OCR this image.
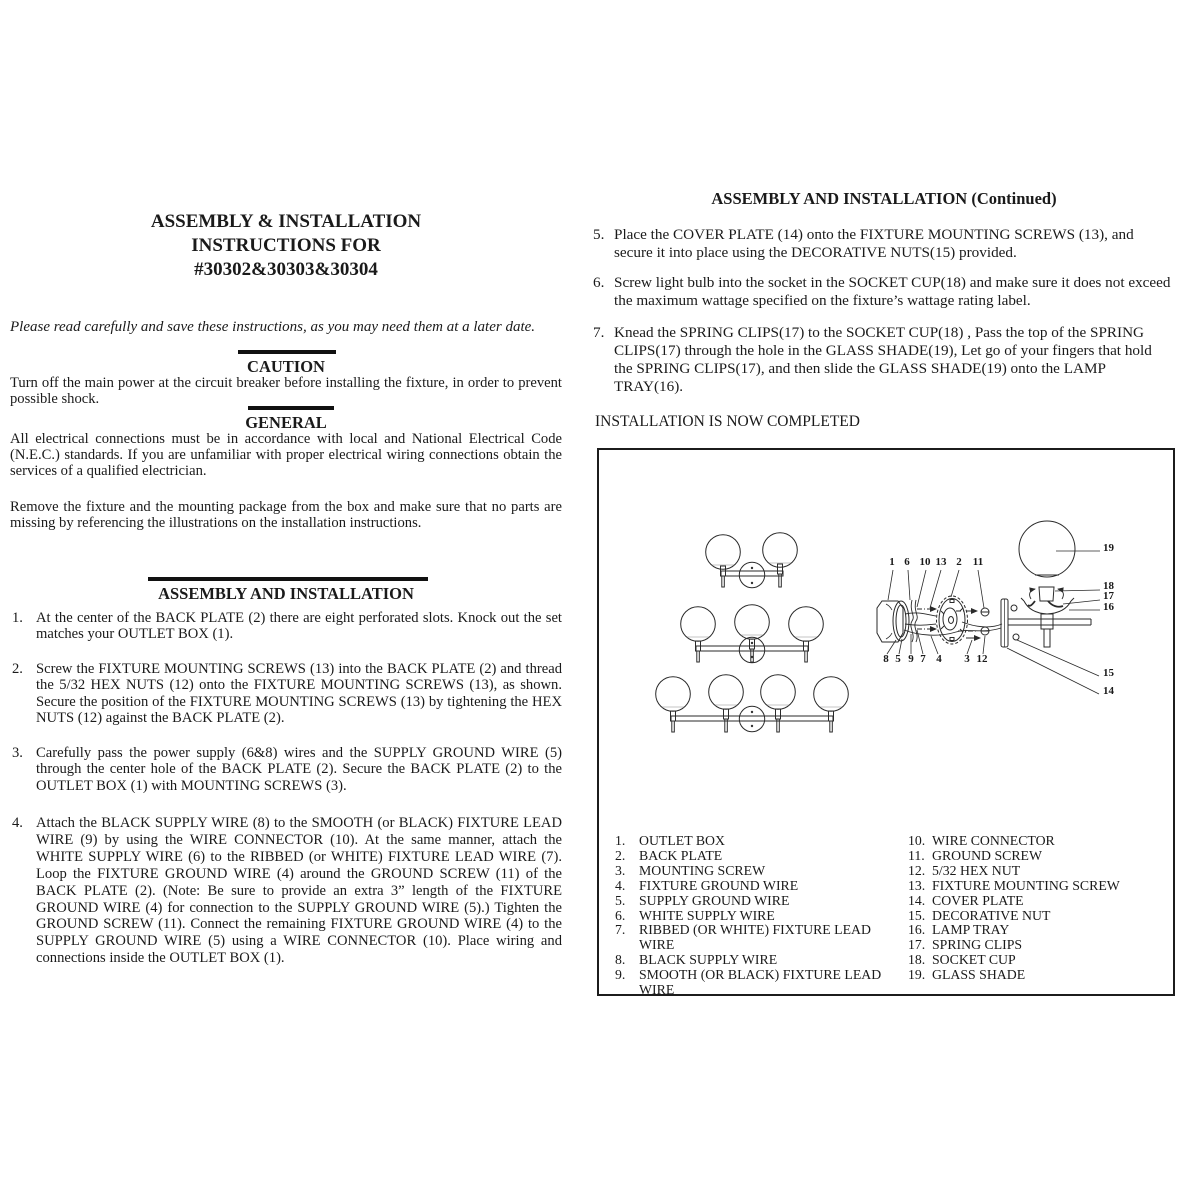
ASSEMBLY & INSTALLATION
INSTRUCTIONS FOR
#30302&30303&30304
Please read carefully and save these instructions, as you may need them at a later date.
CAUTION
Turn off the main power at the circuit breaker before installing the fixture, in order to prevent possible shock.
GENERAL
All electrical connections must be in accordance with local and National Electrical Code (N.E.C.) standards. If you are unfamiliar with proper electrical wiring connections obtain the services of a qualified electrician.
Remove the fixture and the mounting package from the box and make sure that no parts are missing by referencing the illustrations on the installation instructions.
ASSEMBLY AND INSTALLATION
1. At the center of the BACK PLATE (2) there are eight perforated slots. Knock out the set matches your OUTLET BOX (1).
2. Screw the FIXTURE MOUNTING SCREWS (13) into the BACK PLATE (2) and thread the 5/32 HEX NUTS (12) onto the FIXTURE MOUNTING SCREWS (13), as shown. Secure the position of the FIXTURE MOUNTING SCREWS (13) by tightening the HEX NUTS (12) against the BACK PLATE (2).
3. Carefully pass the power supply (6&8) wires and the SUPPLY GROUND WIRE (5) through the center hole of the BACK PLATE (2). Secure the BACK PLATE (2) to the OUTLET BOX (1) with MOUNTING SCREWS (3).
4. Attach the BLACK SUPPLY WIRE (8) to the SMOOTH (or BLACK) FIXTURE LEAD WIRE (9) by using the WIRE CONNECTOR (10). At the same manner, attach the WHITE SUPPLY WIRE (6) to the RIBBED (or WHITE) FIXTURE LEAD WIRE (7). Loop the FIXTURE GROUND WIRE (4) around the GROUND SCREW (11) of the BACK PLATE (2). (Note: Be sure to provide an extra 3” length of the FIXTURE GROUND WIRE (4) for connection to the SUPPLY GROUND WIRE (5).) Tighten the GROUND SCREW (11). Connect the remaining FIXTURE GROUND WIRE (4) to the SUPPLY GROUND WIRE (5) using a WIRE CONNECTOR (10). Place wiring and connections inside the OUTLET BOX (1).
ASSEMBLY AND INSTALLATION (Continued)
5. Place the COVER PLATE (14) onto the FIXTURE MOUNTING SCREWS (13), and secure it into place using the DECORATIVE NUTS(15) provided.
6. Screw light bulb into the socket in the SOCKET CUP(18) and make sure it does not exceed the maximum wattage specified on the fixture’s wattage rating label.
7. Knead the SPRING CLIPS(17) to the SOCKET CUP(18) , Pass the top of the SPRING CLIPS(17) through the hole in the GLASS SHADE(19), Let go of your fingers that hold the SPRING CLIPS(17), and then slide the GLASS SHADE(19) onto the LAMP TRAY(16).
INSTALLATION IS NOW COMPLETED
1 6 10 13 2 11
8 5 9 7 4 3 12
19
18
17
16
15
14
1. OUTLET BOX
2. BACK PLATE
3. MOUNTING SCREW
4. FIXTURE GROUND WIRE
5. SUPPLY GROUND WIRE
6. WHITE SUPPLY WIRE
7. RIBBED (OR WHITE) FIXTURE LEAD WIRE
8. BLACK SUPPLY WIRE
9. SMOOTH (OR BLACK) FIXTURE LEAD WIRE
10. WIRE CONNECTOR
11. GROUND SCREW
12. 5/32 HEX NUT
13. FIXTURE MOUNTING SCREW
14. COVER PLATE
15. DECORATIVE NUT
16. LAMP TRAY
17. SPRING CLIPS
18. SOCKET CUP
19. GLASS SHADE
